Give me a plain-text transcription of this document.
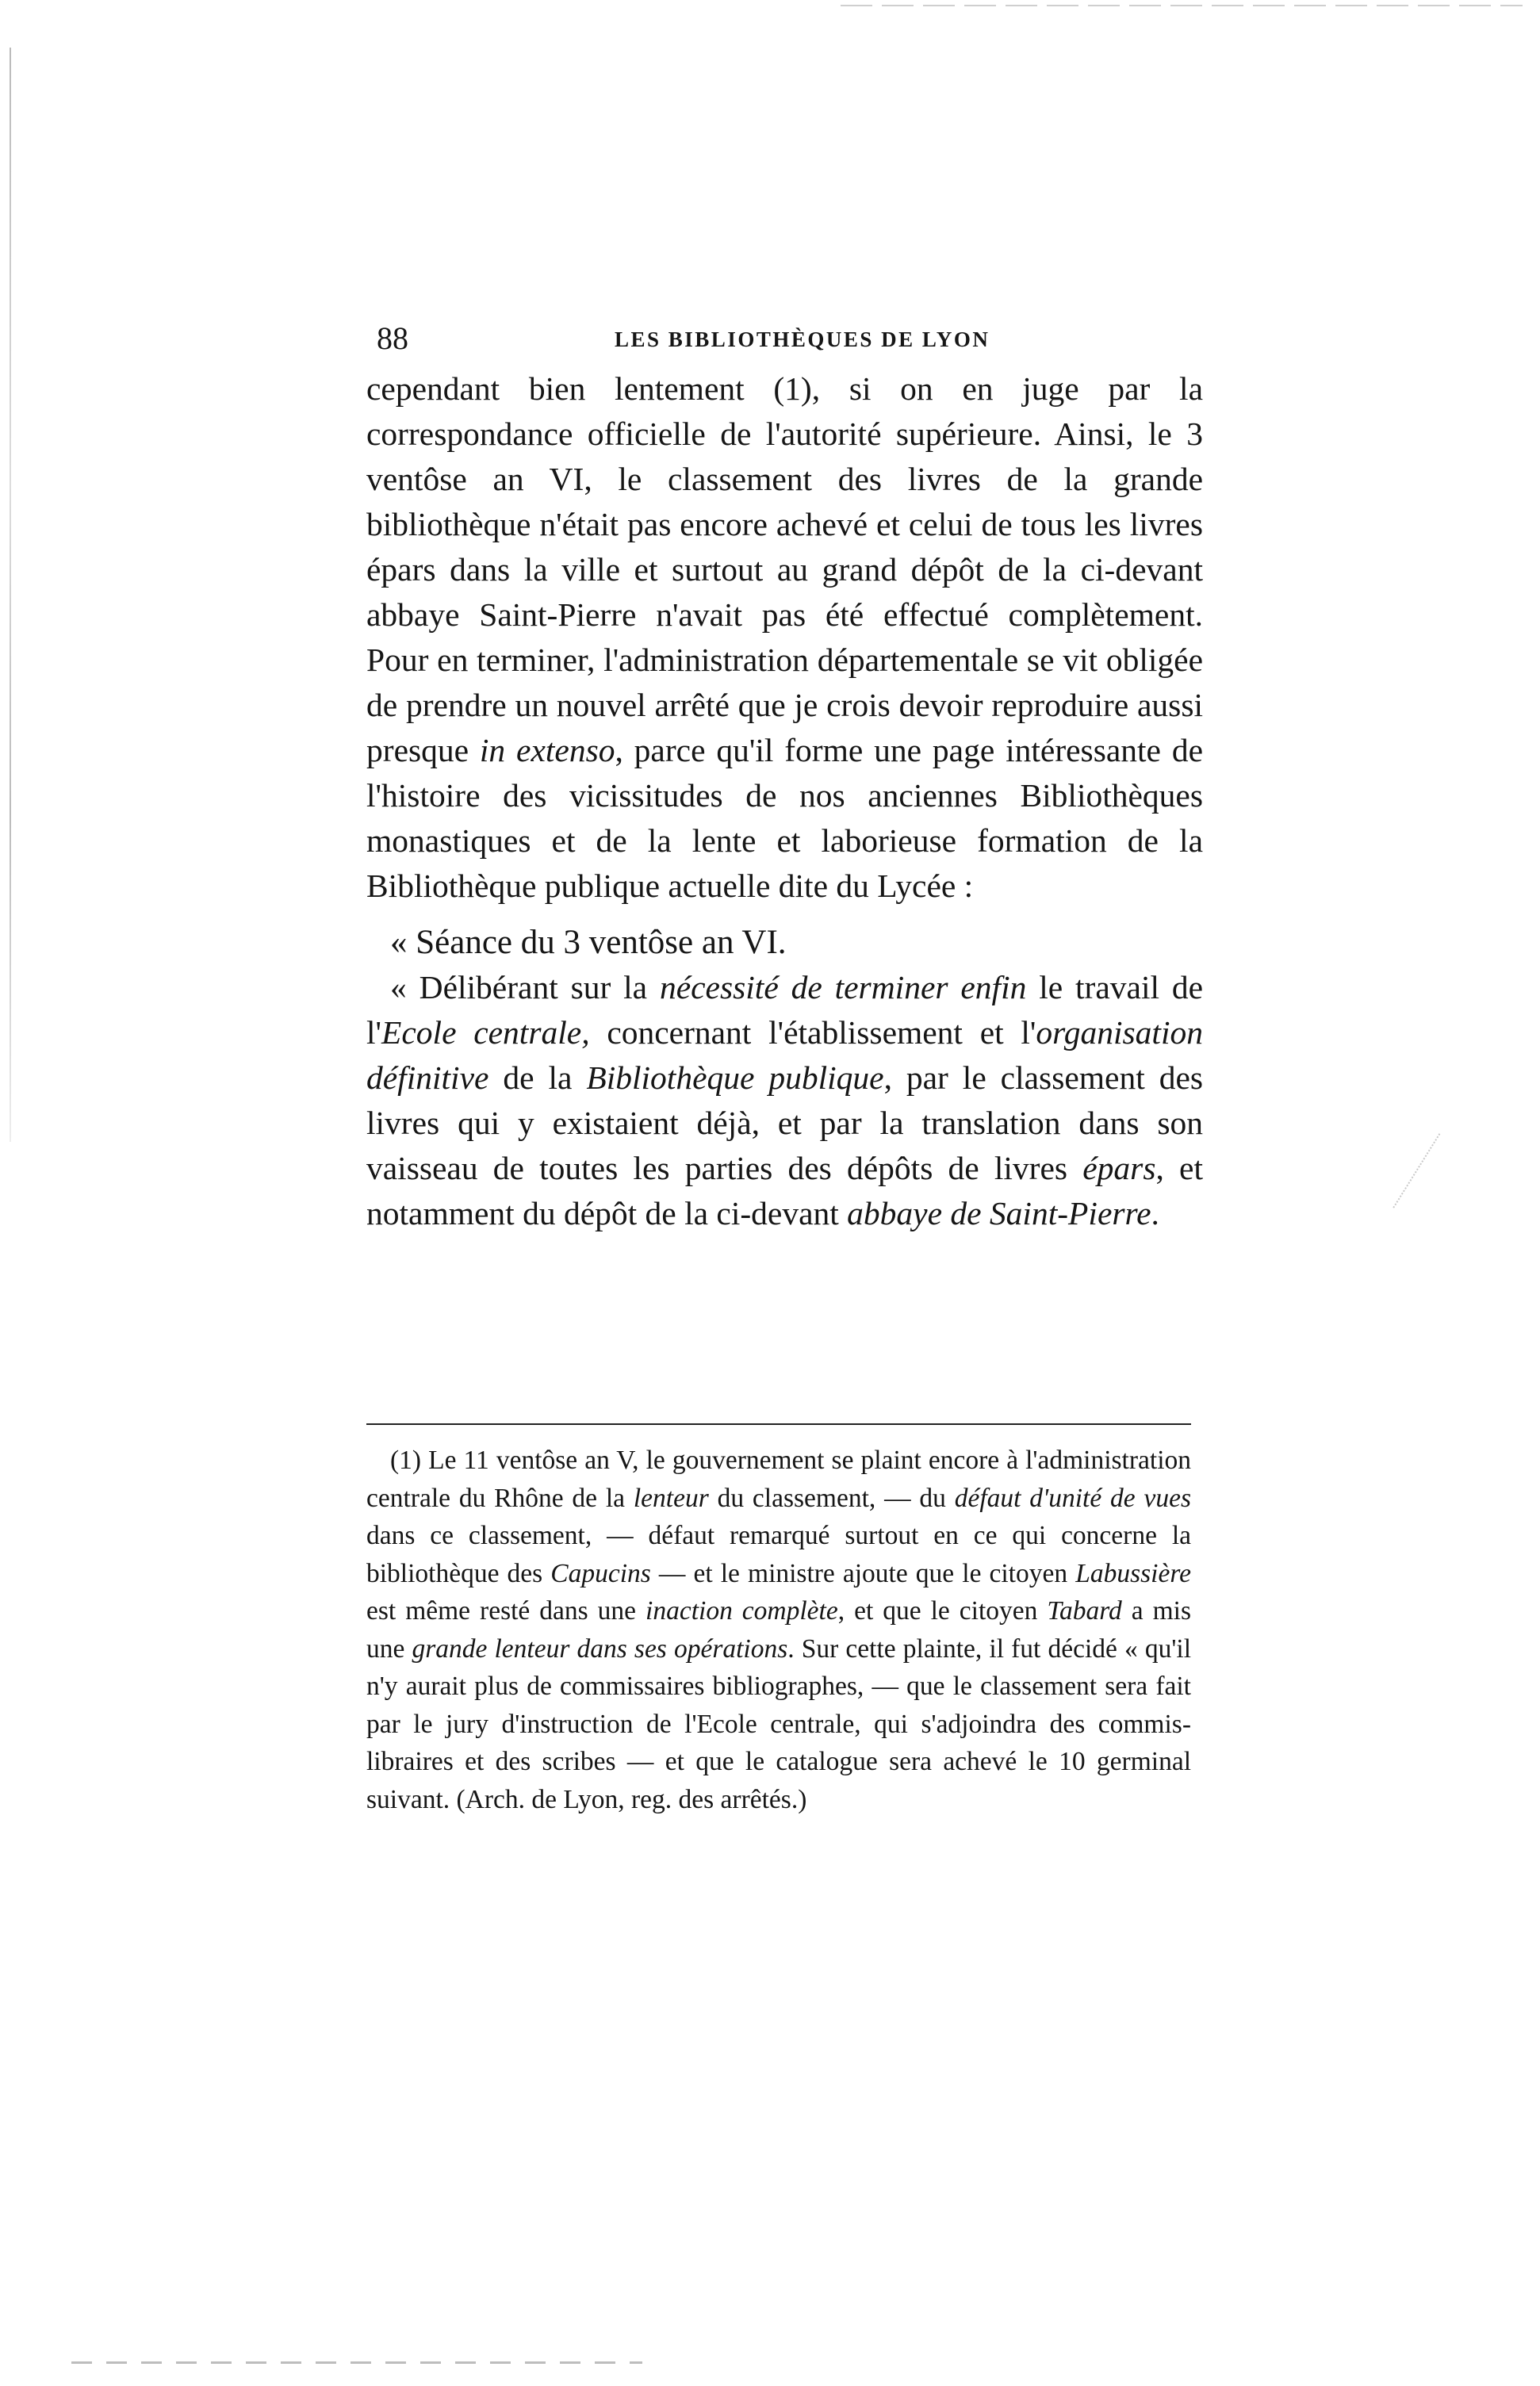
88	LES BIBLIOTHÈQUES DE LYON

cependant bien lentement (1), si on en juge par la correspondance officielle de l'autorité supérieure. Ainsi, le 3 ventôse an VI, le classement des livres de la grande bibliothèque n'était pas encore achevé et celui de tous les livres épars dans la ville et surtout au grand dépôt de la ci-devant abbaye Saint-Pierre n'avait pas été effectué complètement. Pour en terminer, l'administration départementale se vit obligée de prendre un nouvel arrêté que je crois devoir reproduire aussi presque in extenso, parce qu'il forme une page intéressante de l'histoire des vicissitudes de nos anciennes Bibliothèques monastiques et de la lente et laborieuse formation de la Bibliothèque publique actuelle dite du Lycée :

« Séance du 3 ventôse an VI.

« Délibérant sur la nécessité de terminer enfin le travail de l'Ecole centrale, concernant l'établissement et l'organisation définitive de la Bibliothèque publique, par le classement des livres qui y existaient déjà, et par la translation dans son vaisseau de toutes les parties des dépôts de livres épars, et notamment du dépôt de la ci-devant abbaye de Saint-Pierre.

(1) Le 11 ventôse an V, le gouvernement se plaint encore à l'administration centrale du Rhône de la lenteur du classement, — du défaut d'unité de vues dans ce classement, — défaut remarqué surtout en ce qui concerne la bibliothèque des Capucins — et le ministre ajoute que le citoyen Labussière est même resté dans une inaction complète, et que le citoyen Tabard a mis une grande lenteur dans ses opérations. Sur cette plainte, il fut décidé « qu'il n'y aurait plus de commissaires bibliographes, — que le classement sera fait par le jury d'instruction de l'Ecole centrale, qui s'adjoindra des commis-libraires et des scribes — et que le catalogue sera achevé le 10 germinal suivant. (Arch. de Lyon, reg. des arrêtés.)
